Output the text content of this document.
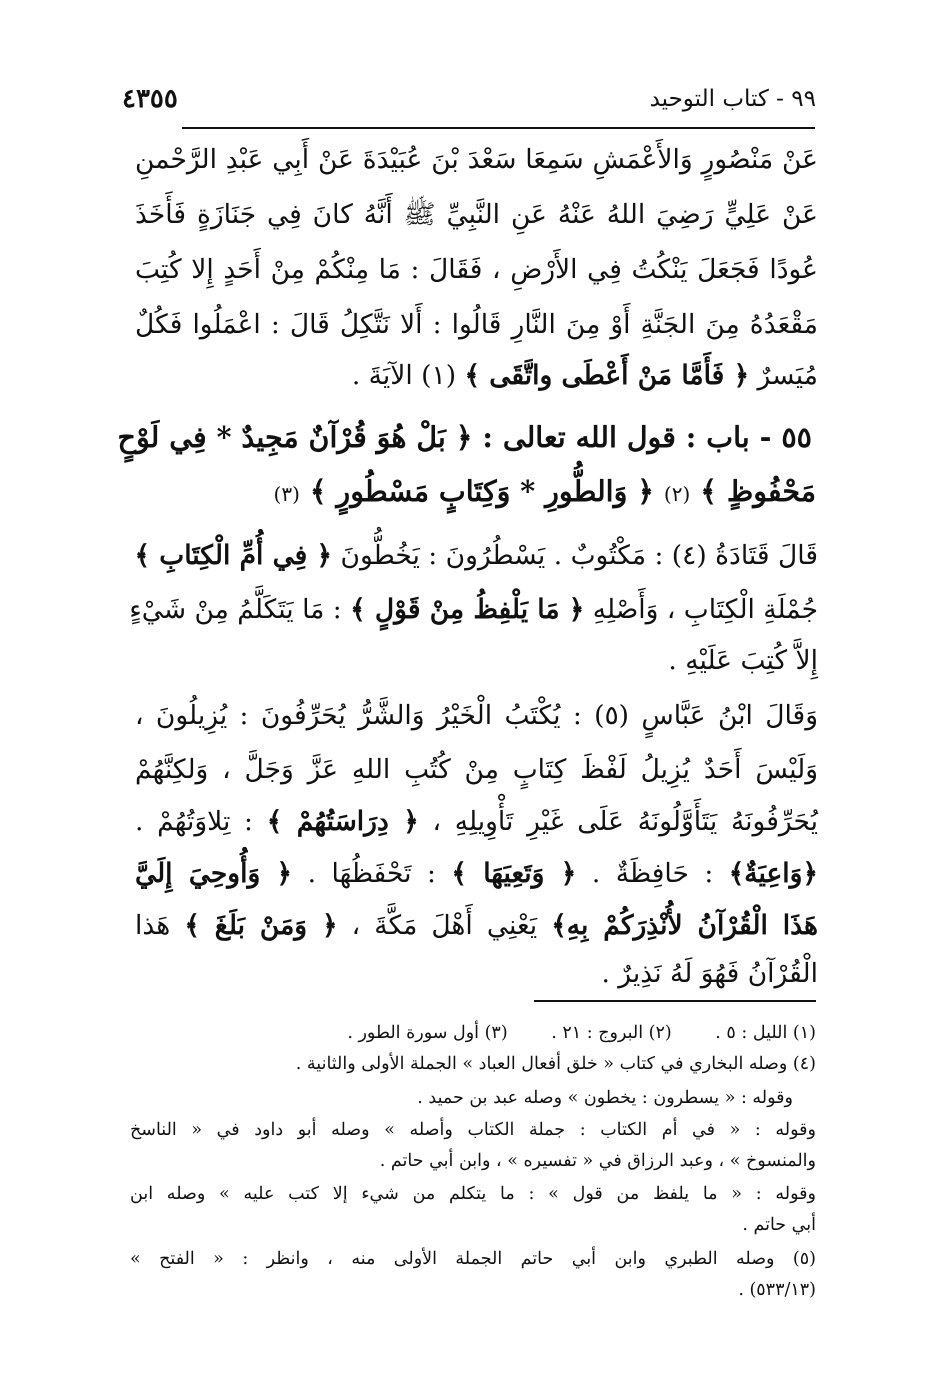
٤٣٥٥	٩٩ - كتاب التوحيد
عَنْ مَنْصُورٍ وَالأَعْمَشِ سَمِعَا سَعْدَ بْنَ عُبَيْدَةَ عَنْ أَبِي عَبْدِ الرَّحْمنِ
عَنْ عَلِيٍّ رَضِيَ اللهُ عَنْهُ عَنِ النَّبِيِّ ﷺ أَنَّهُ كانَ فِي جَنَازَةٍ فَأَخَذَ
عُودًا فَجَعَلَ يَنْكُتُ فِي الأَرْضِ ، فَقَالَ : مَا مِنْكُمْ مِنْ أَحَدٍ إِلا كُتِبَ
مَقْعَدُهُ مِنَ الجَنَّةِ أَوْ مِنَ النَّارِ قَالُوا : أَلا نَتَّكِلُ قَالَ : اعْمَلُوا فَكُلٌ
مُيَسرٌ ﴿ فَأَمَّا مَنْ أَعْطَى واتَّقَى ﴾ (١) الآيَةَ .
٥٥ - باب : قول الله تعالى : ﴿ بَلْ هُوَ قُرْآنٌ مَجِيدٌ * فِي لَوْحٍ
مَحْفُوظٍ ﴾ (٢) ﴿ وَالطُّورِ * وَكِتَابٍ مَسْطُورٍ ﴾ (٣)
قَالَ قَتَادَةُ (٤) : مَكْتُوبٌ . يَسْطُرُونَ : يَخُطُّونَ ﴿ فِي أُمِّ الْكِتَابِ ﴾
جُمْلَةِ الْكِتَابِ ، وَأَصْلِهِ ﴿ مَا يَلْفِظُ مِنْ قَوْلٍ ﴾ : مَا يَتَكَلَّمُ مِنْ شَيْءٍ
إِلاَّ كُتِبَ عَلَيْهِ .
وَقَالَ ابْنُ عَبَّاسٍ (٥) : يُكْتَبُ الْخَيْرُ وَالشَّرُّ يُحَرِّفُونَ : يُزِيلُونَ ،
وَلَيْسَ أَحَدٌ يُزِيلُ لَفْظَ كِتَابٍ مِنْ كُتُبِ اللهِ عَزَّ وَجَلَّ ، وَلكِنَّهُمْ
يُحَرِّفُونَهُ يَتَأَوَّلُونَهُ عَلَى غَيْرِ تَأْوِيلِهِ ، ﴿ دِرَاسَتُهُمْ ﴾ : تِلاوَتُهُمْ .
﴿وَاعِيَةٌ﴾ : حَافِظَةٌ . ﴿ وَتَعِيَهَا ﴾ : تَحْفَظُهَا . ﴿ وَأُوحِيَ إِلَيَّ
هَذَا الْقُرْآنُ لأُنْذِرَكُمْ بِهِ﴾ يَعْنِي أَهْلَ مَكَّةَ ، ﴿ وَمَنْ بَلَغَ ﴾ هَذا
الْقُرْآنُ فَهُوَ لَهُ نَذِيرٌ .
(١) الليل : ٥ . (٢) البروج : ٢١ . (٣) أول سورة الطور .
(٤) وصله البخاري في كتاب « خلق أفعال العباد » الجملة الأولى والثانية .
وقوله : « يسطرون : يخطون » وصله عبد بن حميد .
وقوله : « في أم الكتاب : جملة الكتاب وأصله » وصله أبو داود في « الناسخ
والمنسوخ » ، وعبد الرزاق في « تفسيره » ، وابن أبي حاتم .
وقوله : « ما يلفظ من قول » : ما يتكلم من شيء إلا كتب عليه » وصله ابن
أبي حاتم .
(٥) وصله الطبري وابن أبي حاتم الجملة الأولى منه ، وانظر : « الفتح »
(٥٣٣/١٣) .
